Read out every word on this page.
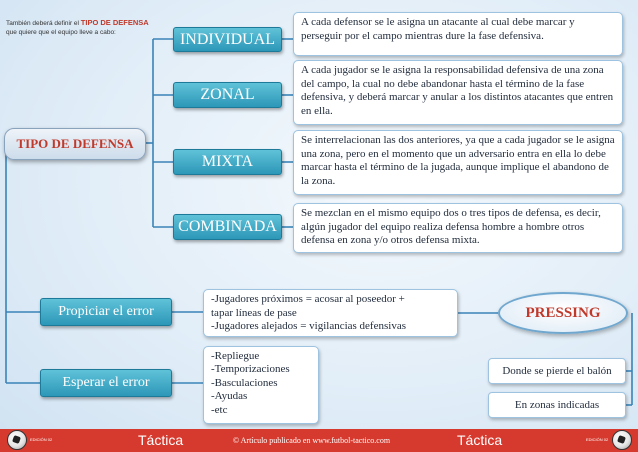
También deberá definir el TIPO DE DEFENSA que quiere que el equipo lleve a cabo:
TIPO DE DEFENSA
INDIVIDUAL
A cada defensor se le asigna un atacante al cual debe marcar y perseguir por el campo mientras dure la fase defensiva.
ZONAL
A cada jugador se le asigna la responsabilidad defensiva de una zona del campo, la cual no debe abandonar hasta el término de la fase defensiva, y deberá marcar y anular a los distintos atacantes que entren en ella.
MIXTA
Se interrelacionan las dos anteriores, ya que a cada jugador se le asigna una zona, pero en el momento que un adversario entra en ella lo debe marcar hasta el término de la jugada, aunque implique el abandono de la zona.
COMBINADA
Se mezclan en el mismo equipo dos o tres tipos de defensa, es decir, algún jugador del equipo realiza defensa hombre a hombre otros defensa en zona y/o otros defensa mixta.
Propiciar el error
-Jugadores próximos = acosar al poseedor +
tapar líneas de pase
-Jugadores alejados = vigilancias defensivas
Esperar el error
-Repliegue
-Temporizaciones
-Basculaciones
-Ayudas
-etc
PRESSING
Donde se pierde el balón
En zonas indicadas
EDICIÓN 02	Táctica	© Artículo publicado en www.futbol-tactico.com	Táctica	EDICIÓN 02
